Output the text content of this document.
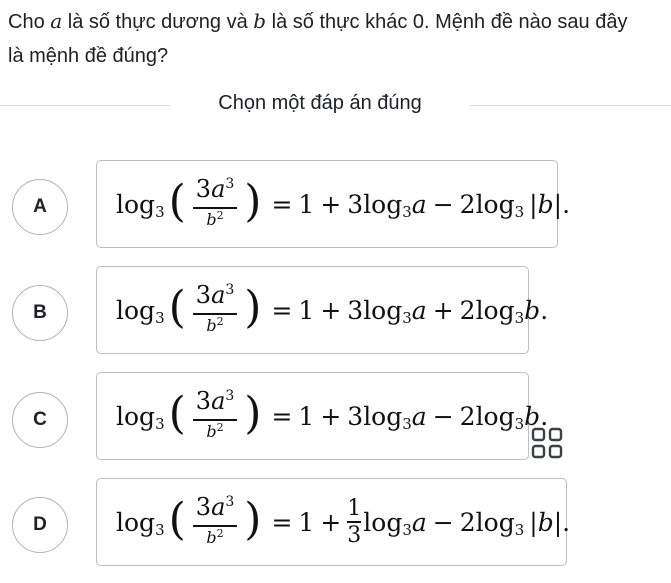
Cho a là số thực dương và b là số thực khác 0. Mệnh đề nào sau đây là mệnh đề đúng?
Chọn một đáp án đúng
A	log 3 ( $\frac{3a^3}{b^2}$ ) = 1 + 3 log 3 a − 2 log 3 | b | .
B	log 3 ( $\frac{3a^3}{b^2}$ ) = 1 + 3 log 3 a + 2 log 3 b .
C	log 3 ( $\frac{3a^3}{b^2}$ ) = 1 + 3 log 3 a − 2 log 3 b .
D	log 3 ( $\frac{3a^3}{b^2}$ ) = 1 + 1
3 log 3 a − 2 log 3 | b | .
